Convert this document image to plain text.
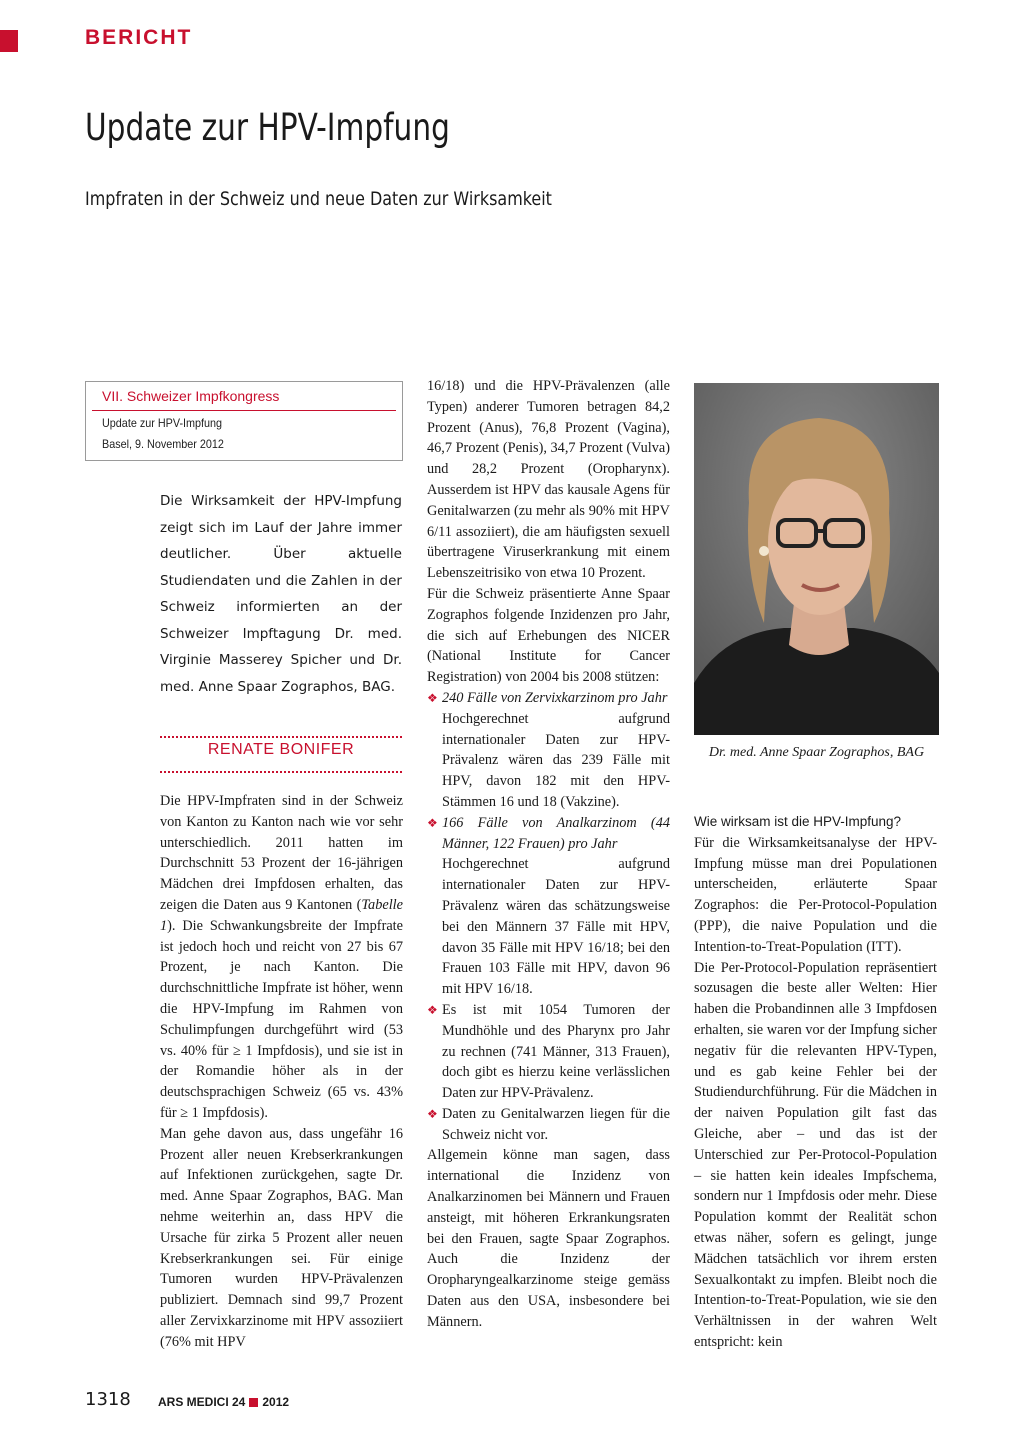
BERICHT
Update zur HPV-Impfung
Impfraten in der Schweiz und neue Daten zur Wirksamkeit
VII. Schweizer Impfkongress
Update zur HPV-Impfung
Basel, 9. November 2012
Die Wirksamkeit der HPV-Impfung zeigt sich im Lauf der Jahre immer deutlicher. Über aktuelle Studiendaten und die Zahlen in der Schweiz informierten an der Schweizer Impftagung Dr. med. Virginie Masserey Spicher und Dr. med. Anne Spaar Zographos, BAG.
RENATE BONIFER

Die HPV-Impfraten sind in der Schweiz von Kanton zu Kanton nach wie vor sehr unterschiedlich. 2011 hatten im Durchschnitt 53 Prozent der 16-jährigen Mädchen drei Impfdosen erhalten, das zeigen die Daten aus 9 Kantonen (Tabelle 1). Die Schwankungsbreite der Impfrate ist jedoch hoch und reicht von 27 bis 67 Prozent, je nach Kanton. Die durchschnittliche Impfrate ist höher, wenn die HPV-Impfung im Rahmen von Schulimpfungen durchgeführt wird (53 vs. 40% für ≥ 1 Impfdosis), und sie ist in der Romandie höher als in der deutschsprachigen Schweiz (65 vs. 43% für ≥ 1 Impfdosis).

Man gehe davon aus, dass ungefähr 16 Prozent aller neuen Krebserkrankungen auf Infektionen zurückgehen, sagte Dr. med. Anne Spaar Zographos, BAG. Man nehme weiterhin an, dass HPV die Ursache für zirka 5 Prozent aller neuen Krebserkrankungen sei. Für einige Tumoren wurden HPV-Prävalenzen publiziert. Demnach sind 99,7 Prozent aller Zervixkarzinome mit HPV assoziiert (76% mit HPV

16/18) und die HPV-Prävalenzen (alle Typen) anderer Tumoren betragen 84,2 Prozent (Anus), 76,8 Prozent (Vagina), 46,7 Prozent (Penis), 34,7 Prozent (Vulva) und 28,2 Prozent (Oropharynx). Ausserdem ist HPV das kausale Agens für Genitalwarzen (zu mehr als 90% mit HPV 6/11 assoziiert), die am häufigsten sexuell übertragene Viruserkrankung mit einem Lebenszeitrisiko von etwa 10 Prozent.

Für die Schweiz präsentierte Anne Spaar Zographos folgende Inzidenzen pro Jahr, die sich auf Erhebungen des NICER (National Institute for Cancer Registration) von 2004 bis 2008 stützen:

❖ 240 Fälle von Zervixkarzinom pro Jahr

Hochgerechnet aufgrund internationaler Daten zur HPV-Prävalenz wären das 239 Fälle mit HPV, davon 182 mit den HPV-Stämmen 16 und 18 (Vakzine).

❖ 166 Fälle von Analkarzinom (44 Männer, 122 Frauen) pro Jahr

Hochgerechnet aufgrund internationaler Daten zur HPV-Prävalenz wären das schätzungsweise bei den Männern 37 Fälle mit HPV, davon 35 Fälle mit HPV 16/18; bei den Frauen 103 Fälle mit HPV, davon 96 mit HPV 16/18.

❖ Es ist mit 1054 Tumoren der Mundhöhle und des Pharynx pro Jahr zu rechnen (741 Männer, 313 Frauen), doch gibt es hierzu keine verlässlichen Daten zur HPV-Prävalenz.
❖ Daten zu Genitalwarzen liegen für die Schweiz nicht vor.

Allgemein könne man sagen, dass international die Inzidenz von Analkarzinomen bei Männern und Frauen ansteigt, mit höheren Erkrankungsraten bei den Frauen, sagte Spaar Zographos. Auch die Inzidenz der Oropharyngealkarzinome steige gemäss Daten aus den USA, insbesondere bei Männern.

Dr. med. Anne Spaar Zographos, BAG
Wie wirksam ist die HPV-Impfung?

Für die Wirksamkeitsanalyse der HPV-Impfung müsse man drei Populationen unterscheiden, erläuterte Spaar Zographos: die Per-Protocol-Population (PPP), die naive Population und die Intention-to-Treat-Population (ITT).

Die Per-Protocol-Population repräsentiert sozusagen die beste aller Welten: Hier haben die Probandinnen alle 3 Impfdosen erhalten, sie waren vor der Impfung sicher negativ für die relevanten HPV-Typen, und es gab keine Fehler bei der Studiendurchführung. Für die Mädchen in der naiven Population gilt fast das Gleiche, aber – und das ist der Unterschied zur Per-Protocol-Population – sie hatten kein ideales Impfschema, sondern nur 1 Impfdosis oder mehr. Diese Population kommt der Realität schon etwas näher, sofern es gelingt, junge Mädchen tatsächlich vor ihrem ersten Sexualkontakt zu impfen. Bleibt noch die Intention-to-Treat-Population, wie sie den Verhältnissen in der wahren Welt entspricht: kein

1318 ARS MEDICI 24 2012
